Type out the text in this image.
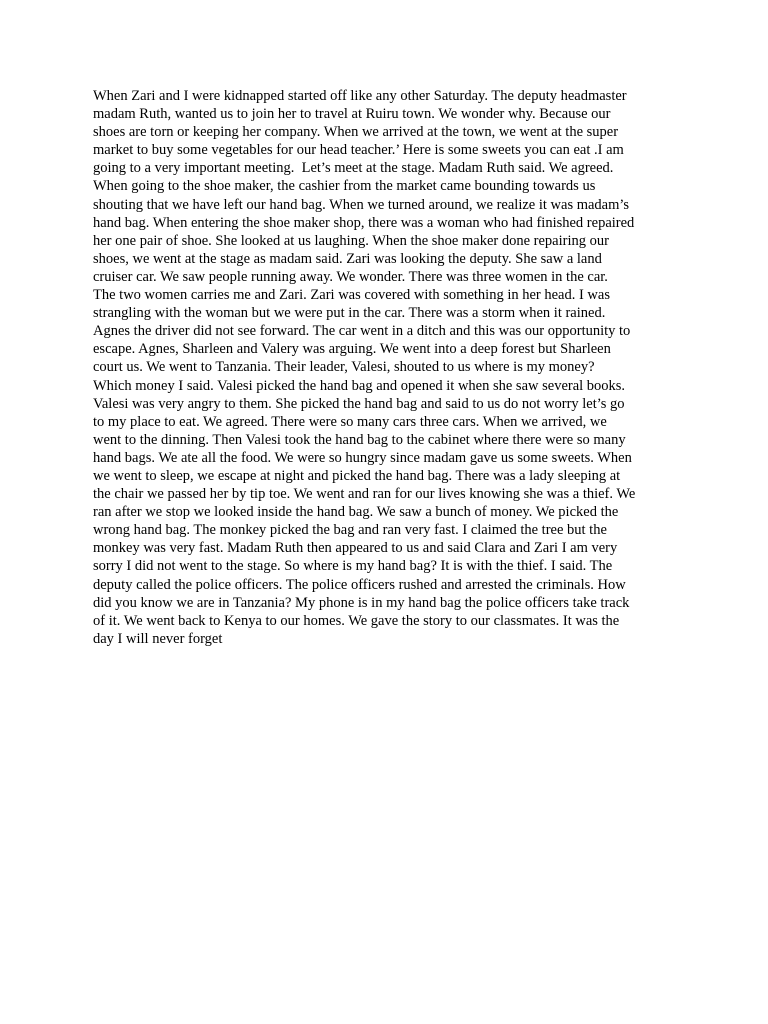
When Zari and I were kidnapped started off like any other Saturday. The deputy headmaster
madam Ruth, wanted us to join her to travel at Ruiru town. We wonder why. Because our
shoes are torn or keeping her company. When we arrived at the town, we went at the super
market to buy some vegetables for our head teacher.’ Here is some sweets you can eat .I am
going to a very important meeting.  Let’s meet at the stage. Madam Ruth said. We agreed.
When going to the shoe maker, the cashier from the market came bounding towards us
shouting that we have left our hand bag. When we turned around, we realize it was madam’s
hand bag. When entering the shoe maker shop, there was a woman who had finished repaired
her one pair of shoe. She looked at us laughing. When the shoe maker done repairing our
shoes, we went at the stage as madam said. Zari was looking the deputy. She saw a land
cruiser car. We saw people running away. We wonder. There was three women in the car.
The two women carries me and Zari. Zari was covered with something in her head. I was
strangling with the woman but we were put in the car. There was a storm when it rained.
Agnes the driver did not see forward. The car went in a ditch and this was our opportunity to
escape. Agnes, Sharleen and Valery was arguing. We went into a deep forest but Sharleen
court us. We went to Tanzania. Their leader, Valesi, shouted to us where is my money?
Which money I said. Valesi picked the hand bag and opened it when she saw several books.
Valesi was very angry to them. She picked the hand bag and said to us do not worry let’s go
to my place to eat. We agreed. There were so many cars three cars. When we arrived, we
went to the dinning. Then Valesi took the hand bag to the cabinet where there were so many
hand bags. We ate all the food. We were so hungry since madam gave us some sweets. When
we went to sleep, we escape at night and picked the hand bag. There was a lady sleeping at
the chair we passed her by tip toe. We went and ran for our lives knowing she was a thief. We
ran after we stop we looked inside the hand bag. We saw a bunch of money. We picked the
wrong hand bag. The monkey picked the bag and ran very fast. I claimed the tree but the
monkey was very fast. Madam Ruth then appeared to us and said Clara and Zari I am very
sorry I did not went to the stage. So where is my hand bag? It is with the thief. I said. The
deputy called the police officers. The police officers rushed and arrested the criminals. How
did you know we are in Tanzania? My phone is in my hand bag the police officers take track
of it. We went back to Kenya to our homes. We gave the story to our classmates. It was the
day I will never forget
